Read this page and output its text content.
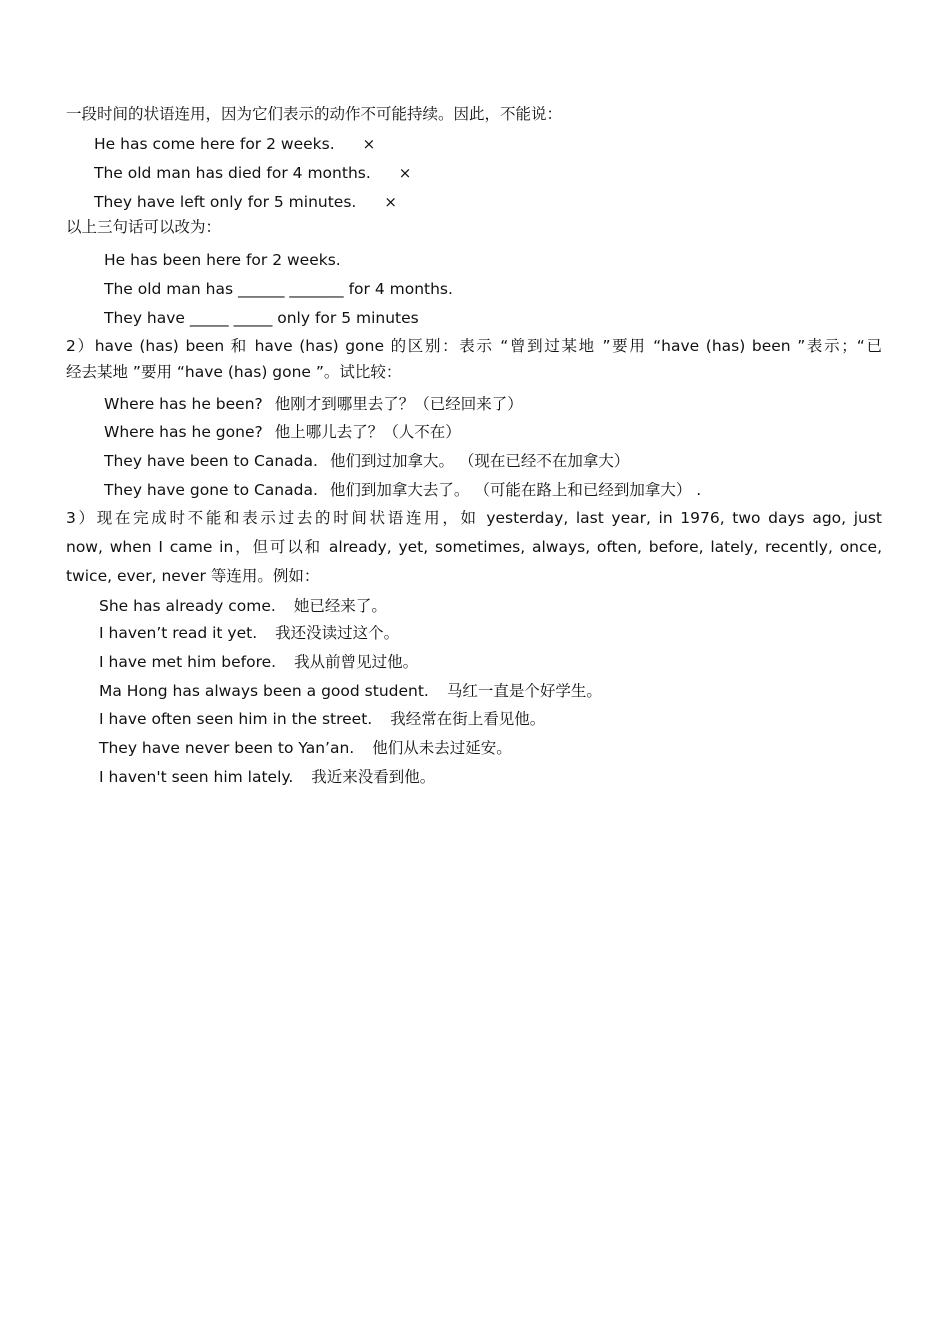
一段时间的状语连用，因为它们表示的动作不可能持续。因此，不能说：
He has come here for 2 weeks. ×
The old man has died for 4 months. ×
They have left only for 5 minutes. ×
以上三句话可以改为：
He has been here for 2 weeks.
The old man has ______ _______ for 4 months.
They have _____ _____ only for 5 minutes
2）have (has) been 和 have (has) gone 的区别：表示 “曾到过某地 ”要用 “have (has) been ”表示；“已
经去某地 ”要用 “have (has) gone ”。试比较：
Where has he been? 他刚才到哪里去了？（已经回来了）
Where has he gone? 他上哪儿去了？（人不在）
They have been to Canada. 他们到过加拿大。 （现在已经不在加拿大）
They have gone to Canada. 他们到加拿大去了。 （可能在路上和已经到加拿大） .
3）现在完成时不能和表示过去的时间状语连用，如 yesterday, last year, in 1976, two days ago, just
now, when I came in，但可以和 already, yet, sometimes, always, often, before, lately, recently, once,
twice, ever, never 等连用。例如：
She has already come. 她已经来了。
I haven’t read it yet. 我还没读过这个。
I have met him before. 我从前曾见过他。
Ma Hong has always been a good student. 马红一直是个好学生。
I have often seen him in the street. 我经常在街上看见他。
They have never been to Yan’an. 他们从未去过延安。
I haven't seen him lately. 我近来没看到他。
